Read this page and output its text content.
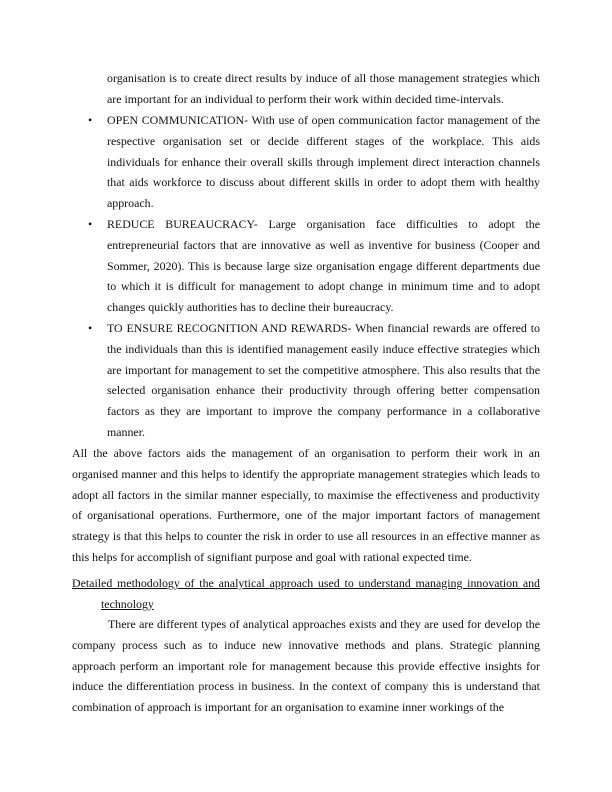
organisation is to create direct results by induce of all those management strategies which are important for an individual to perform their work within decided time-intervals.

• OPEN COMMUNICATION- With use of open communication factor management of the respective organisation set or decide different stages of the workplace. This aids individuals for enhance their overall skills through implement direct interaction channels that aids workforce to discuss about different skills in order to adopt them with healthy approach.
• REDUCE BUREAUCRACY- Large organisation face difficulties to adopt the entrepreneurial factors that are innovative as well as inventive for business (Cooper and Sommer, 2020). This is because large size organisation engage different departments due to which it is difficult for management to adopt change in minimum time and to adopt changes quickly authorities has to decline their bureaucracy.
• TO ENSURE RECOGNITION AND REWARDS- When financial rewards are offered to the individuals than this is identified management easily induce effective strategies which are important for management to set the competitive atmosphere. This also results that the selected organisation enhance their productivity through offering better compensation factors as they are important to improve the company performance in a collaborative manner.

All the above factors aids the management of an organisation to perform their work in an organised manner and this helps to identify the appropriate management strategies which leads to adopt all factors in the similar manner especially, to maximise the effectiveness and productivity of organisational operations. Furthermore, one of the major important factors of management strategy is that this helps to counter the risk in order to use all resources in an effective manner as this helps for accomplish of signifiant purpose and goal with rational expected time.

Detailed methodology of the analytical approach used to understand managing innovation and technology

There are different types of analytical approaches exists and they are used for develop the company process such as to induce new innovative methods and plans. Strategic planning approach perform an important role for management because this provide effective insights for induce the differentiation process in business. In the context of company this is understand that combination of approach is important for an organisation to examine inner workings of the
